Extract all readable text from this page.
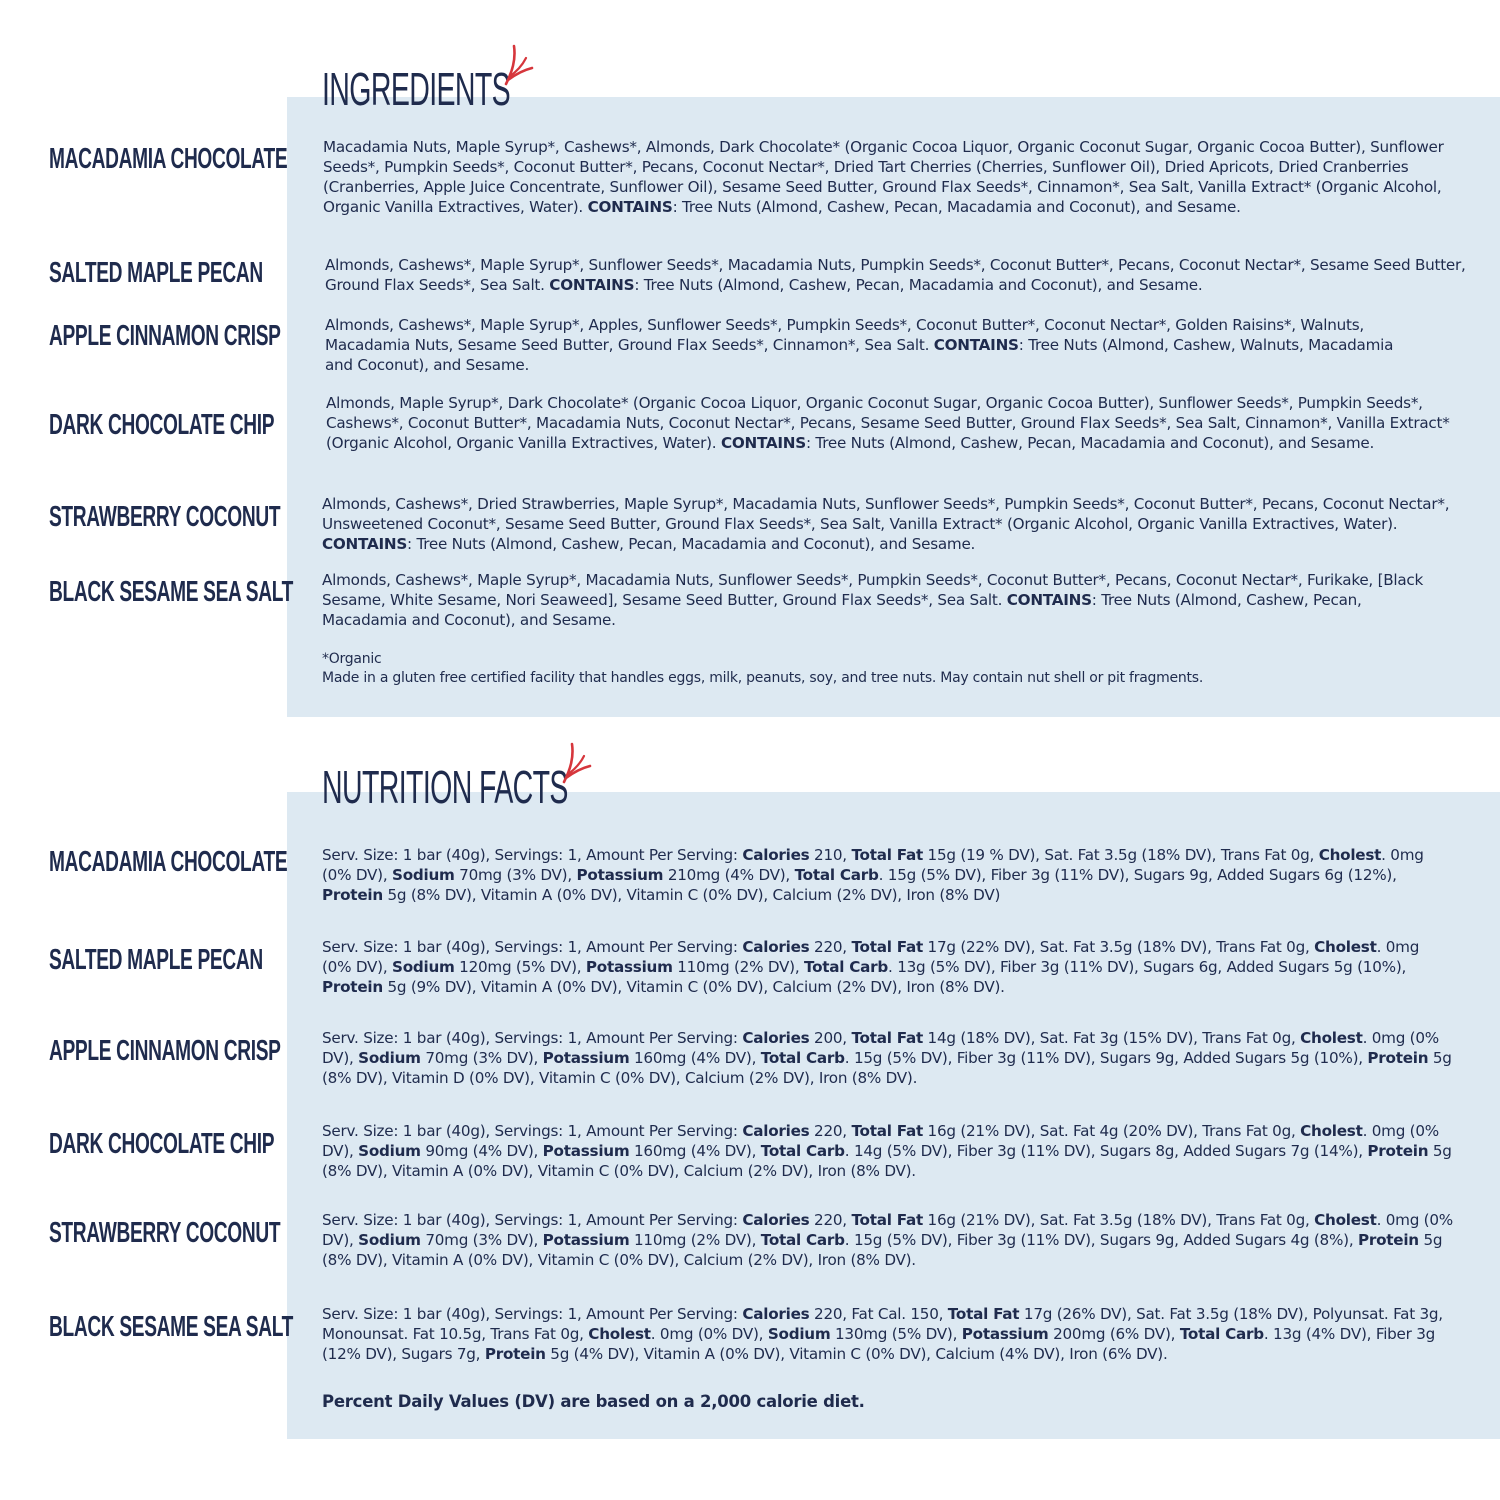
INGREDIENTS
MACADAMIA CHOCOLATE Macadamia Nuts, Maple Syrup*, Cashews*, Almonds, Dark Chocolate* (Organic Cocoa Liquor, Organic Coconut Sugar, Organic Cocoa Butter), Sunflower Seeds*, Pumpkin Seeds*, Coconut Butter*, Pecans, Coconut Nectar*, Dried Tart Cherries (Cherries, Sunflower Oil), Dried Apricots, Dried Cranberries (Cranberries, Apple Juice Concentrate, Sunflower Oil), Sesame Seed Butter, Ground Flax Seeds*, Cinnamon*, Sea Salt, Vanilla Extract* (Organic Alcohol, Organic Vanilla Extractives, Water). CONTAINS: Tree Nuts (Almond, Cashew, Pecan, Macadamia and Coconut), and Sesame.

SALTED MAPLE PECAN	Almonds, Cashews*, Maple Syrup*, Sunflower Seeds*, Macadamia Nuts, Pumpkin Seeds*, Coconut Butter*, Pecans, Coconut Nectar*, Sesame Seed Butter, Ground Flax Seeds*, Sea Salt. CONTAINS: Tree Nuts (Almond, Cashew, Pecan, Macadamia and Coconut), and Sesame.

APPLE CINNAMON CRISP	Almonds, Cashews*, Maple Syrup*, Apples, Sunflower Seeds*, Pumpkin Seeds*, Coconut Butter*, Coconut Nectar*, Golden Raisins*, Walnuts, Macadamia Nuts, Sesame Seed Butter, Ground Flax Seeds*, Cinnamon*, Sea Salt. CONTAINS: Tree Nuts (Almond, Cashew, Walnuts, Macadamia and Coconut), and Sesame.

DARK CHOCOLATE CHIP

Almonds, Maple Syrup*, Dark Chocolate* (Organic Cocoa Liquor, Organic Coconut Sugar, Organic Cocoa Butter), Sunflower Seeds*, Pumpkin Seeds*, Cashews*, Coconut Butter*, Macadamia Nuts, Coconut Nectar*, Pecans, Sesame Seed Butter, Ground Flax Seeds*, Sea Salt, Cinnamon*, Vanilla Extract* (Organic Alcohol, Organic Vanilla Extractives, Water). CONTAINS: Tree Nuts (Almond, Cashew, Pecan, Macadamia and Coconut), and Sesame.

STRAWBERRY COCONUT	Almonds, Cashews*, Dried Strawberries, Maple Syrup*, Macadamia Nuts, Sunflower Seeds*, Pumpkin Seeds*, Coconut Butter*, Pecans, Coconut Nectar*, Unsweetened Coconut*, Sesame Seed Butter, Ground Flax Seeds*, Sea Salt, Vanilla Extract* (Organic Alcohol, Organic Vanilla Extractives, Water). CONTAINS: Tree Nuts (Almond, Cashew, Pecan, Macadamia and Coconut), and Sesame.

BLACK SESAME SEA SALT Almonds, Cashews*, Maple Syrup*, Macadamia Nuts, Sunflower Seeds*, Pumpkin Seeds*, Coconut Butter*, Pecans, Coconut Nectar*, Furikake, [Black Sesame, White Sesame, Nori Seaweed], Sesame Seed Butter, Ground Flax Seeds*, Sea Salt. CONTAINS: Tree Nuts (Almond, Cashew, Pecan, Macadamia and Coconut), and Sesame.

*Organic
Made in a gluten free certified facility that handles eggs, milk, peanuts, soy, and tree nuts. May contain nut shell or pit fragments.

NUTRITION FACTS
MACADAMIA CHOCOLATE Serv. Size: 1 bar (40g), Servings: 1, Amount Per Serving: Calories 210, Total Fat 15g (19 % DV), Sat. Fat 3.5g (18% DV), Trans Fat 0g, Cholest. 0mg (0% DV), Sodium 70mg (3% DV), Potassium 210mg (4% DV), Total Carb. 15g (5% DV), Fiber 3g (11% DV), Sugars 9g, Added Sugars 6g (12%), Protein 5g (8% DV), Vitamin A (0% DV), Vitamin C (0% DV), Calcium (2% DV), Iron (8% DV)

SALTED MAPLE PECAN	Serv. Size: 1 bar (40g), Servings: 1, Amount Per Serving: Calories 220, Total Fat 17g (22% DV), Sat. Fat 3.5g (18% DV), Trans Fat 0g, Cholest. 0mg (0% DV), Sodium 120mg (5% DV), Potassium 110mg (2% DV), Total Carb. 13g (5% DV), Fiber 3g (11% DV), Sugars 6g, Added Sugars 5g (10%), Protein 5g (9% DV), Vitamin A (0% DV), Vitamin C (0% DV), Calcium (2% DV), Iron (8% DV).

APPLE CINNAMON CRISP	Serv. Size: 1 bar (40g), Servings: 1, Amount Per Serving: Calories 200, Total Fat 14g (18% DV), Sat. Fat 3g (15% DV), Trans Fat 0g, Cholest. 0mg (0% DV), Sodium 70mg (3% DV), Potassium 160mg (4% DV), Total Carb. 15g (5% DV), Fiber 3g (11% DV), Sugars 9g, Added Sugars 5g (10%), Protein 5g (8% DV), Vitamin D (0% DV), Vitamin C (0% DV), Calcium (2% DV), Iron (8% DV).

DARK CHOCOLATE CHIP	Serv. Size: 1 bar (40g), Servings: 1, Amount Per Serving: Calories 220, Total Fat 16g (21% DV), Sat. Fat 4g (20% DV), Trans Fat 0g, Cholest. 0mg (0% DV), Sodium 90mg (4% DV), Potassium 160mg (4% DV), Total Carb. 14g (5% DV), Fiber 3g (11% DV), Sugars 8g, Added Sugars 7g (14%), Protein 5g (8% DV), Vitamin A (0% DV), Vitamin C (0% DV), Calcium (2% DV), Iron (8% DV).

STRAWBERRY COCONUT	Serv. Size: 1 bar (40g), Servings: 1, Amount Per Serving: Calories 220, Total Fat 16g (21% DV), Sat. Fat 3.5g (18% DV), Trans Fat 0g, Cholest. 0mg (0% DV), Sodium 70mg (3% DV), Potassium 110mg (2% DV), Total Carb. 15g (5% DV), Fiber 3g (11% DV), Sugars 9g, Added Sugars 4g (8%), Protein 5g (8% DV), Vitamin A (0% DV), Vitamin C (0% DV), Calcium (2% DV), Iron (8% DV).

BLACK SESAME SEA SALT Serv. Size: 1 bar (40g), Servings: 1, Amount Per Serving: Calories 220, Fat Cal. 150, Total Fat 17g (26% DV), Sat. Fat 3.5g (18% DV), Polyunsat. Fat 3g, Monounsat. Fat 10.5g, Trans Fat 0g, Cholest. 0mg (0% DV), Sodium 130mg (5% DV), Potassium 200mg (6% DV), Total Carb. 13g (4% DV), Fiber 3g (12% DV), Sugars 7g, Protein 5g (4% DV), Vitamin A (0% DV), Vitamin C (0% DV), Calcium (4% DV), Iron (6% DV).

Percent Daily Values (DV) are based on a 2,000 calorie diet.
